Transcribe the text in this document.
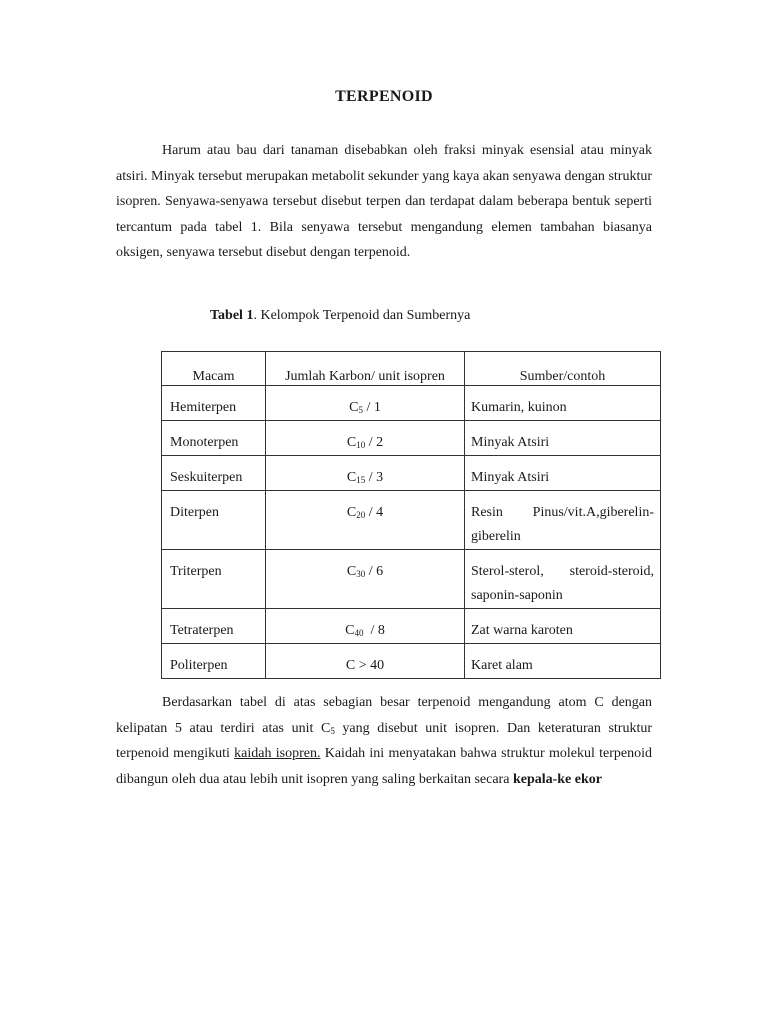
TERPENOID

Harum atau bau dari tanaman disebabkan oleh fraksi minyak esensial atau minyak atsiri. Minyak tersebut merupakan metabolit sekunder yang kaya akan senyawa dengan struktur isopren. Senyawa-senyawa tersebut disebut terpen dan terdapat dalam beberapa bentuk seperti tercantum pada tabel 1. Bila senyawa tersebut mengandung elemen tambahan biasanya oksigen, senyawa tersebut disebut dengan terpenoid.

Tabel 1. Kelompok Terpenoid dan Sumbernya
Macam	Jumlah Karbon/ unit isopren	Sumber/contoh

Hemiterpen	$C_5 / 1$	Kumarin, kuinon

Monoterpen	$C_{10} / 2$	Minyak Atsiri

Seskuiterpen	$C_{15} / 3$	Minyak Atsiri

Diterpen	$C_{20} / 4$	Resin Pinus/vit.A,giberelin-giberelin

Triterpen	$C_{30} / 6$	Sterol-sterol, steroid-steroid, saponin-saponin

Tetraterpen	$C_{40} / 8$	Zat warna karoten

Politerpen	C > 40	Karet alam

Berdasarkan tabel di atas sebagian besar terpenoid mengandung atom C dengan kelipatan 5 atau terdiri atas unit $C_5$ yang disebut unit isopren. Dan keteraturan struktur terpenoid mengikuti kaidah isopren. Kaidah ini menyatakan bahwa struktur molekul terpenoid dibangun oleh dua atau lebih unit isopren yang saling berkaitan secara kepala-ke ekor
